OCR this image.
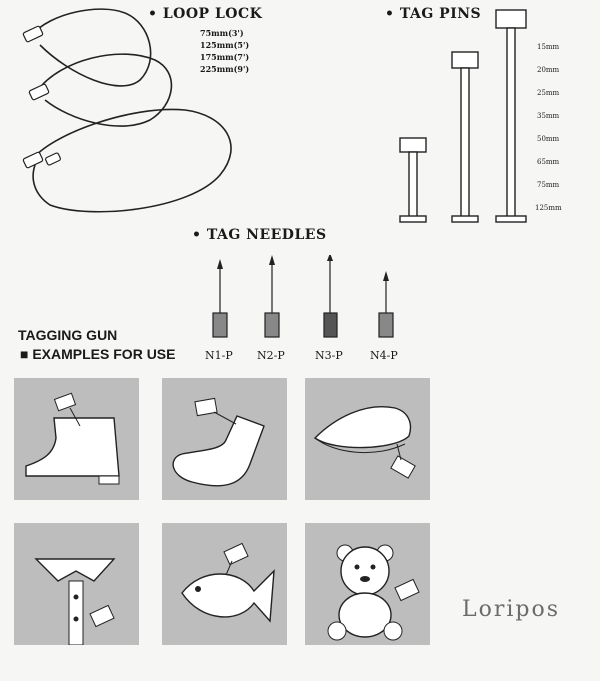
• LOOP LOCK
75mm(3')
125mm(5')
175mm(7')
225mm(9')
• TAG PINS
15mm
20mm
25mm
35mm
50mm
65mm
75mm
125mm
• TAG NEEDLES
N1-P N2-P	N3-P N4-P
TAGGING GUN
■ EXAMPLES FOR USE
Loripos
